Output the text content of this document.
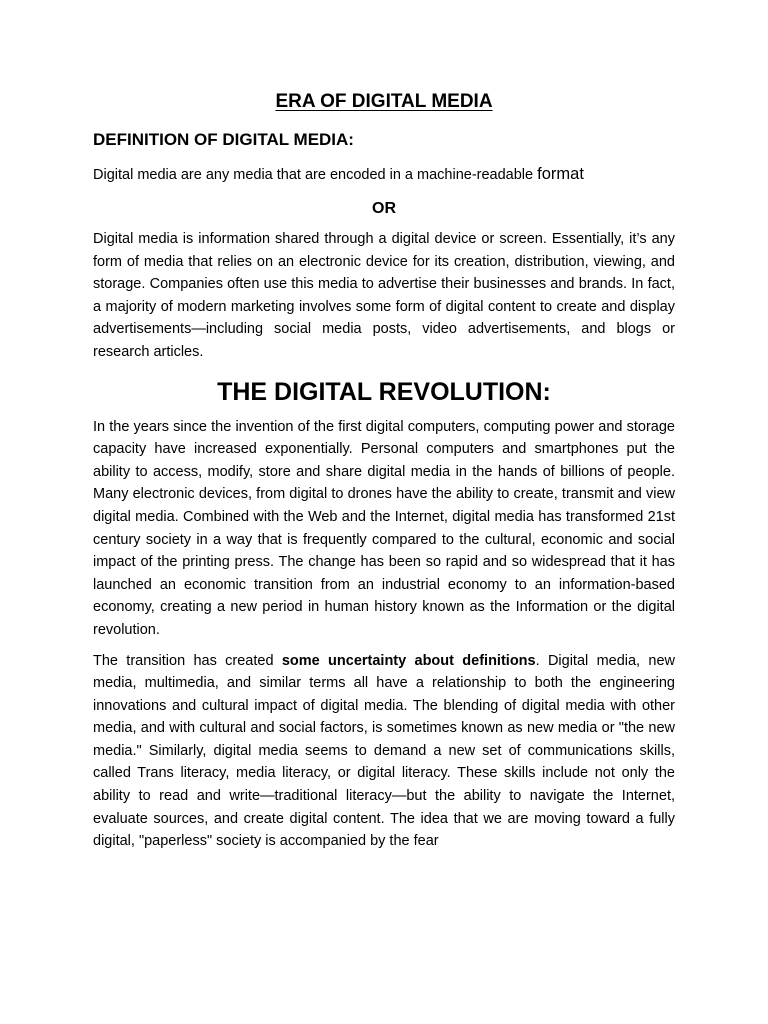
ERA OF DIGITAL MEDIA
DEFINITION OF DIGITAL MEDIA:
Digital media are any media that are encoded in a machine-readable format
OR

Digital media is information shared through a digital device or screen. Essentially, it’s any form of media that relies on an electronic device for its creation, distribution, viewing, and storage. Companies often use this media to advertise their businesses and brands. In fact, a majority of modern marketing involves some form of digital content to create and display advertisements—including social media posts, video advertisements, and blogs or research articles.

THE DIGITAL REVOLUTION:

In the years since the invention of the first digital computers, computing power and storage capacity have increased exponentially. Personal computers and smartphones put the ability to access, modify, store and share digital media in the hands of billions of people. Many electronic devices, from digital to drones have the ability to create, transmit and view digital media. Combined with the Web and the Internet, digital media has transformed 21st century society in a way that is frequently compared to the cultural, economic and social impact of the printing press. The change has been so rapid and so widespread that it has launched an economic transition from an industrial economy to an information-based economy, creating a new period in human history known as the Information or the digital revolution.

The transition has created some uncertainty about definitions. Digital media, new media, multimedia, and similar terms all have a relationship to both the engineering innovations and cultural impact of digital media. The blending of digital media with other media, and with cultural and social factors, is sometimes known as new media or "the new media." Similarly, digital media seems to demand a new set of communications skills, called Trans literacy, media literacy, or digital literacy. These skills include not only the ability to read and write—traditional literacy—but the ability to navigate the Internet, evaluate sources, and create digital content. The idea that we are moving toward a fully digital, "paperless" society is accompanied by the fear
